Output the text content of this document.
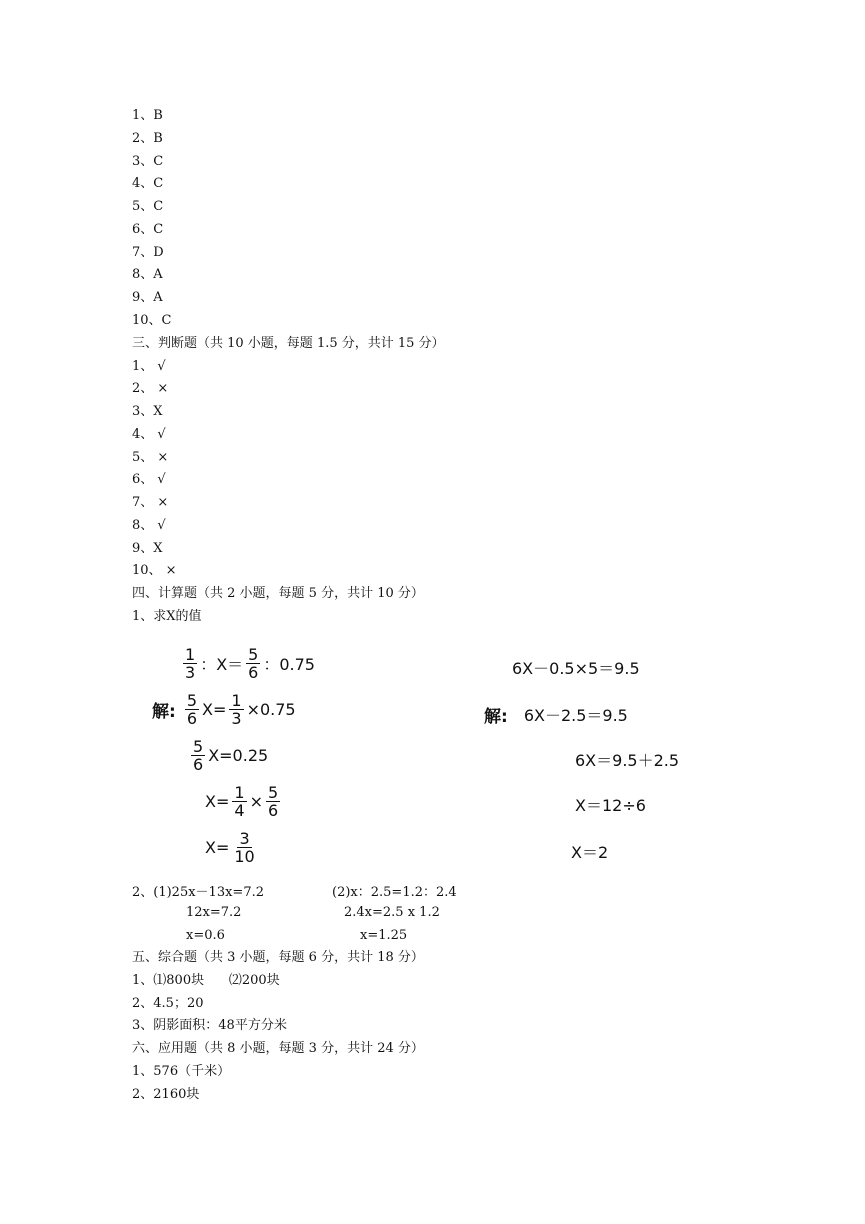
1、B
2、B
3、C
4、C
5、C
6、C
7、D
8、A
9、A
10、C
三、判断题（共 10 小题，每题 1.5 分，共计 15 分）
1、 √
2、 ×
3、X
4、 √
5、 ×
6、 √
7、 ×
8、 √
9、X
10、 ×
四、计算题（共 2 小题，每题 5 分，共计 10 分）
1、求X的值
$\frac{1}{3}$ ：$X= \frac{5}{6}$ ：0.75
解: $\frac{5}{6} X= \frac{1}{3} \times 0.75$
$\frac{5}{6} X=0.25$
$X= \frac{1}{4} \times \frac{5}{6}$
$X= \frac{3}{10}$
6X－0.5×5＝9.5
解: 6X－2.5＝9.5
6X＝9.5＋2.5
X＝12÷6
X＝2
2、(1)25x－13x=7.2
12x=7.2
x=0.6
(2)x：2.5=1.2：2.4
2.4x=2.5 x 1.2
x=1.25
五、综合题（共 3 小题，每题 6 分，共计 18 分）
1、⑴800块      ⑵200块
2、4.5；20
3、阴影面积：48平方分米
六、应用题（共 8 小题，每题 3 分，共计 24 分）
1、576（千米）
2、2160块
